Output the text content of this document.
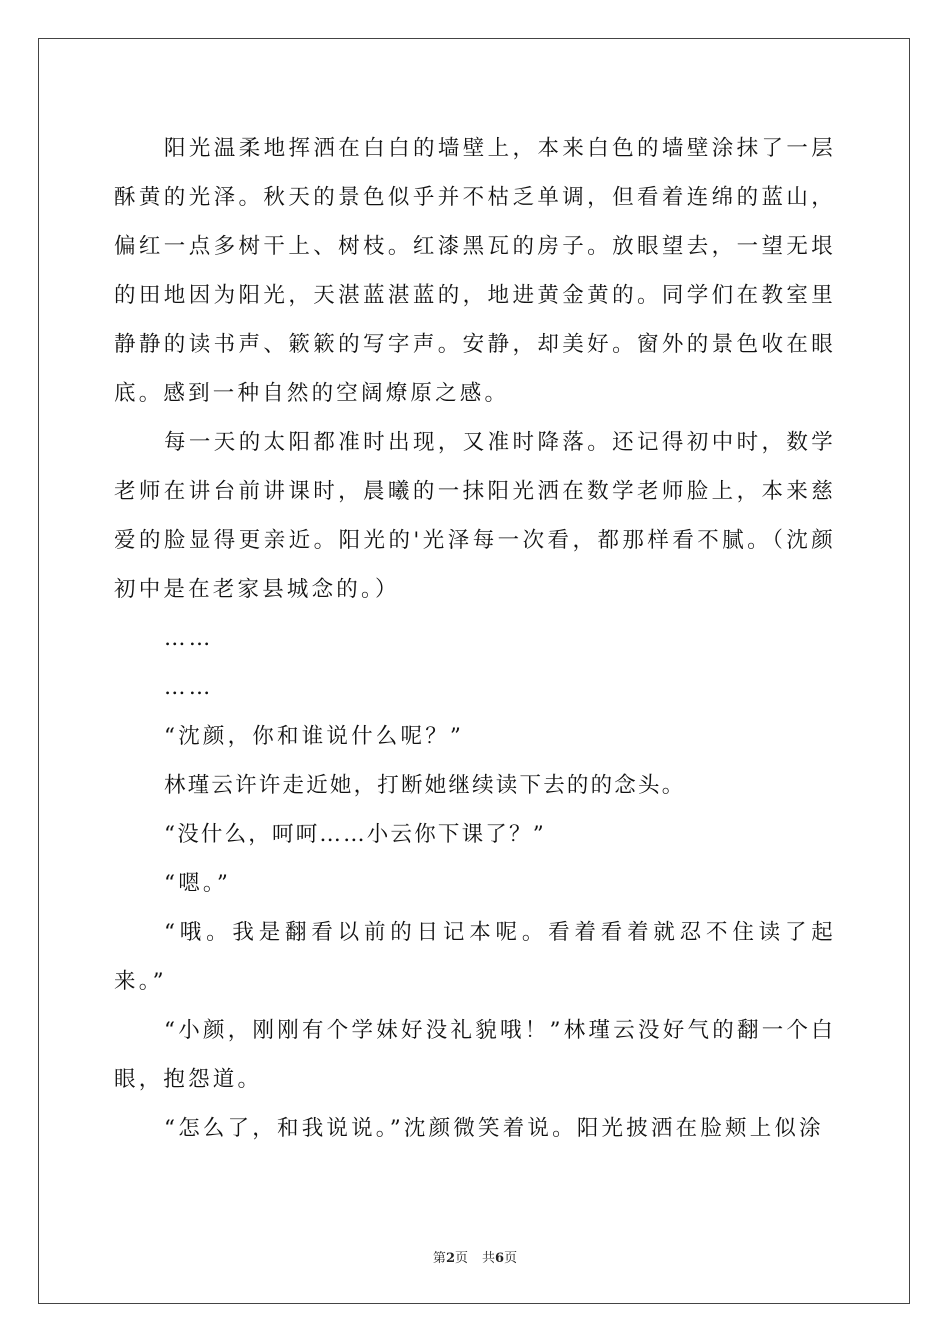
阳光温柔地挥洒在白白的墙壁上，本来白色的墙壁涂抹了一层酥黄的光泽。秋天的景色似乎并不枯乏单调，但看着连绵的蓝山，偏红一点多树干上、树枝。红漆黑瓦的房子。放眼望去，一望无垠的田地因为阳光，天湛蓝湛蓝的，地进黄金黄的。同学们在教室里静静的读书声、簌簌的写字声。安静，却美好。窗外的景色收在眼底。感到一种自然的空阔燎原之感。

每一天的太阳都准时出现，又准时降落。还记得初中时，数学老师在讲台前讲课时，晨曦的一抹阳光洒在数学老师脸上，本来慈爱的脸显得更亲近。阳光的'光泽每一次看，都那样看不腻。（沈颜初中是在老家县城念的。）

……

……

“沈颜，你和谁说什么呢？”

林瑾云许许走近她，打断她继续读下去的的念头。

“没什么，呵呵……小云你下课了？”

“嗯。”

“哦。我是翻看以前的日记本呢。看着看着就忍不住读了起来。”

“小颜，刚刚有个学妹好没礼貌哦！”林瑾云没好气的翻一个白眼，抱怨道。

“怎么了，和我说说。”沈颜微笑着说。阳光披洒在脸颊上似涂

第2页 共6页
